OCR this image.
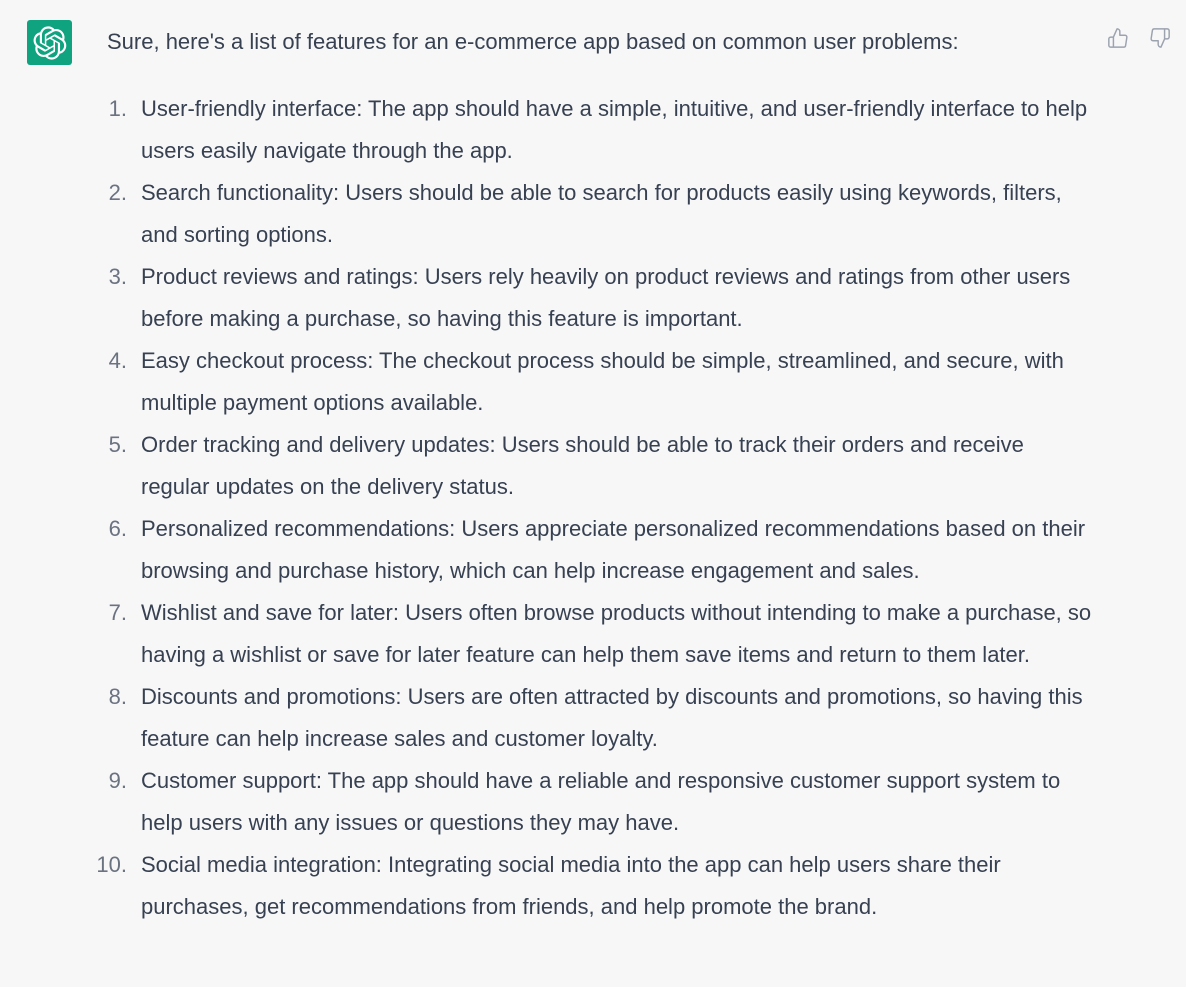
Sure, here's a list of features for an e-commerce app based on common user problems:

1. User-friendly interface: The app should have a simple, intuitive, and user-friendly interface to help users easily navigate through the app.
2. Search functionality: Users should be able to search for products easily using keywords, filters, and sorting options.
3. Product reviews and ratings: Users rely heavily on product reviews and ratings from other users before making a purchase, so having this feature is important.
4. Easy checkout process: The checkout process should be simple, streamlined, and secure, with multiple payment options available.
5. Order tracking and delivery updates: Users should be able to track their orders and receive regular updates on the delivery status.
6. Personalized recommendations: Users appreciate personalized recommendations based on their browsing and purchase history, which can help increase engagement and sales.
7. Wishlist and save for later: Users often browse products without intending to make a purchase, so having a wishlist or save for later feature can help them save items and return to them later.
8. Discounts and promotions: Users are often attracted by discounts and promotions, so having this feature can help increase sales and customer loyalty.
9. Customer support: The app should have a reliable and responsive customer support system to help users with any issues or questions they may have.
10. Social media integration: Integrating social media into the app can help users share their purchases, get recommendations from friends, and help promote the brand.
